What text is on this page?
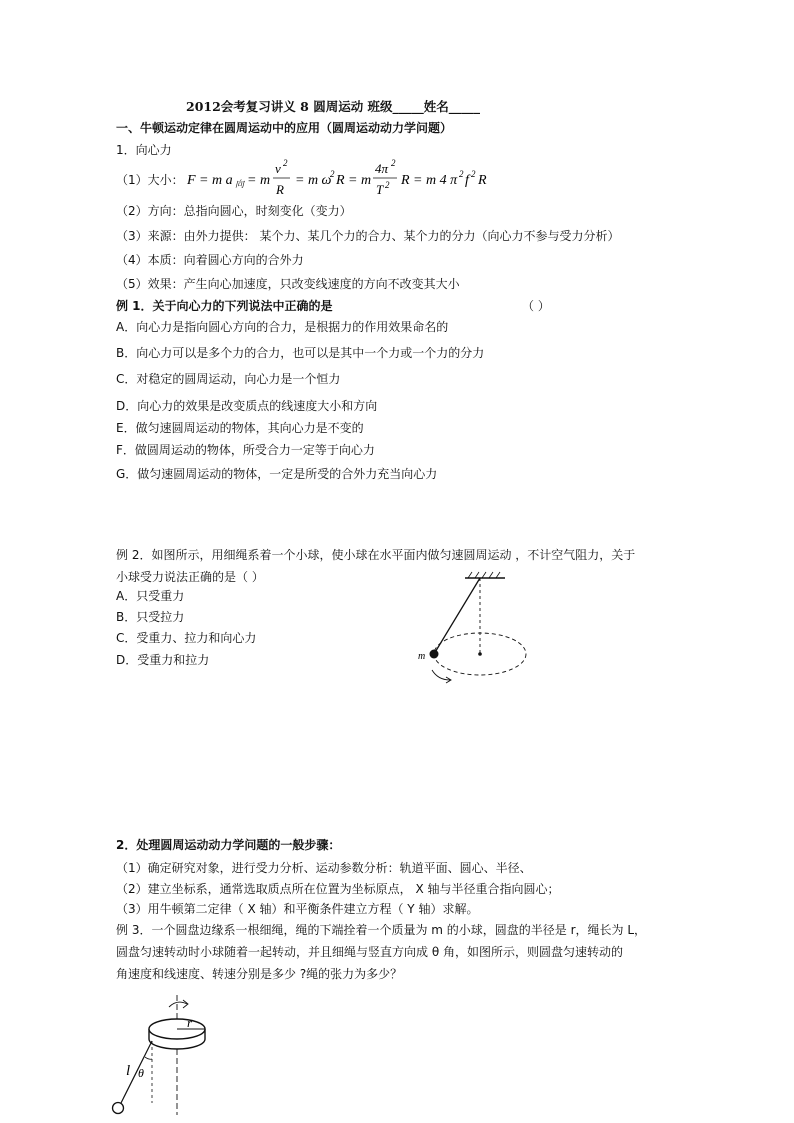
2012会考复习讲义 8 圆周运动 班级_____姓名_____
一、牛顿运动定律在圆周运动中的应用（圆周运动动力学问题）
1．向心力
（1）大小： F = m a 向 = m
v 2
R
= m ω
2 R = m
4π 2
T 2 R = m 4 π 2 f 2 R
（2）方向：总指向圆心，时刻变化（变力）
（3）来源：由外力提供： 某个力、某几个力的合力、某个力的分力（向心力不参与受力分析）
（4）本质：向着圆心方向的合外力
（5）效果：产生向心加速度，只改变线速度的方向不改变其大小
例 1．关于向心力的下列说法中正确的是	（ ）
A．向心力是指向圆心方向的合力，是根据力的作用效果命名的
B．向心力可以是多个力的合力，也可以是其中一个力或一个力的分力
C．对稳定的圆周运动，向心力是一个恒力
D．向心力的效果是改变质点的线速度大小和方向
E．做匀速圆周运动的物体，其向心力是不变的
F．做圆周运动的物体，所受合力一定等于向心力
G．做匀速圆周运动的物体，一定是所受的合外力充当向心力
例 2．如图所示，用细绳系着一个小球，使小球在水平面内做匀速圆周运动 ，不计空气阻力，关于
小球受力说法正确的是（ ）
A．只受重力
B．只受拉力
C．受重力、拉力和向心力
D．受重力和拉力	m
2．处理圆周运动动力学问题的一般步骤：
（1）确定研究对象，进行受力分析、运动参数分析：轨道平面、圆心、半径、
（2）建立坐标系，通常选取质点所在位置为坐标原点， X 轴与半径重合指向圆心；
（3）用牛顿第二定律（ X 轴）和平衡条件建立方程（ Y 轴）求解。
例 3．一个圆盘边缘系一根细绳，绳的下端拴着一个质量为 m 的小球，圆盘的半径是 r，绳长为 L，
圆盘匀速转动时小球随着一起转动，并且细绳与竖直方向成 θ 角，如图所示，则圆盘匀速转动的
角速度和线速度、转速分别是多少 ?绳的张力为多少？
r
l θ
